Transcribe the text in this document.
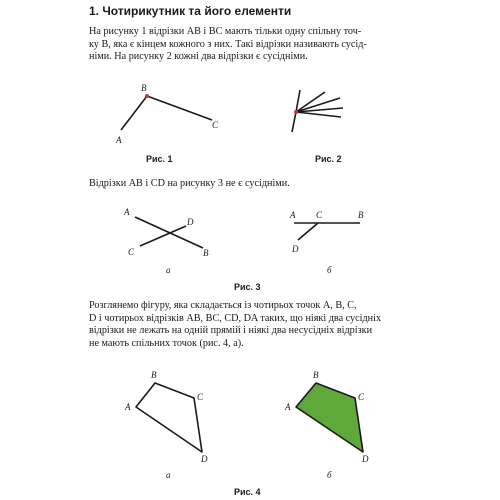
1. Чотирикутник та його елементи
На рисунку 1 відрізки AB і BC мають тільки одну спільну точ-
ку B, яка є кінцем кожного з них. Такі відрізки називають суcід-
німи. На рисунку 2 кожні два відрізки є сусідніми.
Рис. 1	Рис. 2
Відрізки AB і CD на рисунку 3 не є сусідніми.
а	б
Рис. 3
Розглянемо фігуру, яка складається із чотирьох точок A, B, C,
D і чотирьох відрізків AB, BC, CD, DA таких, що ніякі два сусідніх
відрізки не лежать на одній прямій і ніякі два несусідніх відрізки
не мають спільних точок (рис. 4, а).
а	б
Рис. 4
B
A
C
A
D
C	B
A C	B
D
B
A
C
D
B
A
C
D
